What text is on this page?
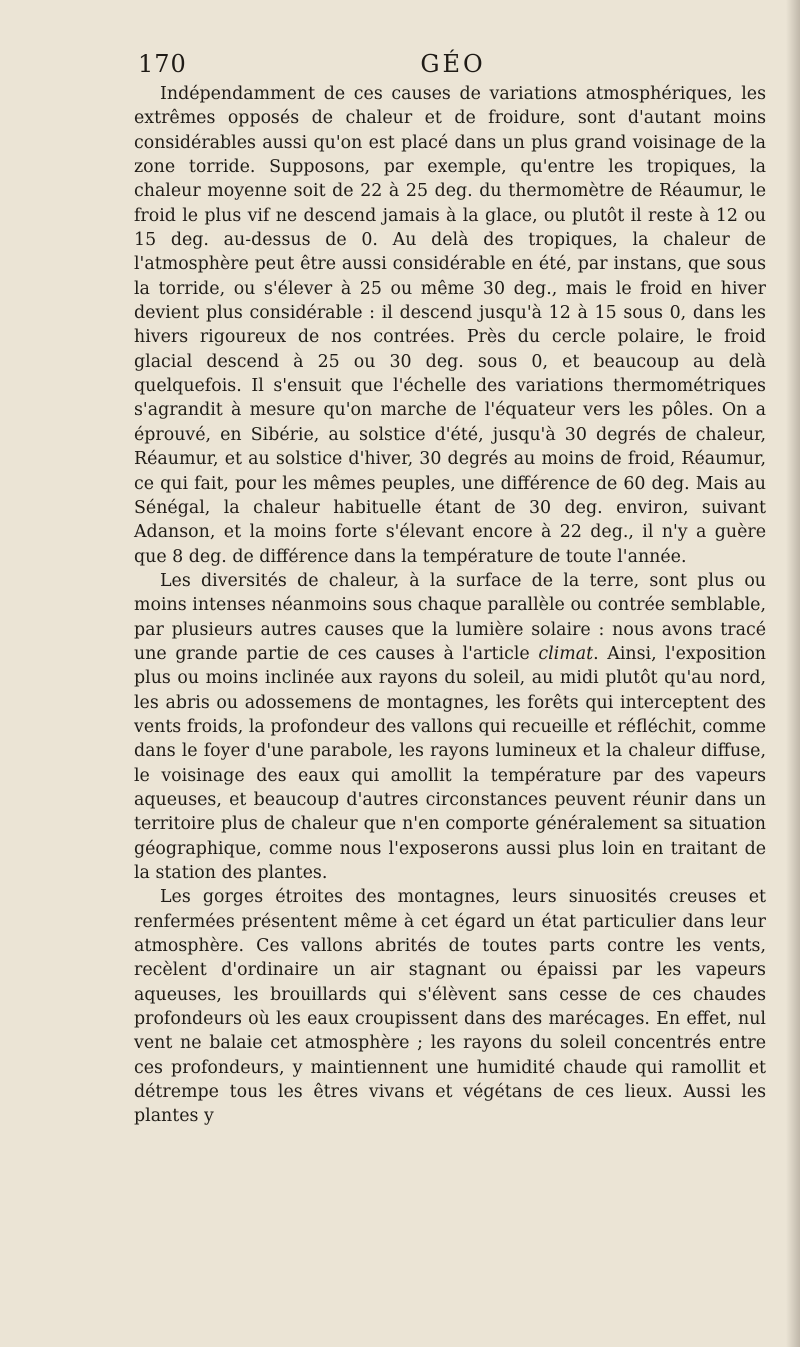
170	GÉO

Indépendamment de ces causes de variations atmosphériques, les extrêmes opposés de chaleur et de froidure, sont d'autant moins considérables aussi qu'on est placé dans un plus grand voisinage de la zone torride. Supposons, par exemple, qu'entre les tropiques, la chaleur moyenne soit de 22 à 25 deg. du thermomètre de Réaumur, le froid le plus vif ne descend jamais à la glace, ou plutôt il reste à 12 ou 15 deg. au-dessus de 0. Au delà des tropiques, la chaleur de l'atmosphère peut être aussi considérable en été, par instans, que sous la torride, ou s'élever à 25 ou même 30 deg., mais le froid en hiver devient plus considérable : il descend jusqu'à 12 à 15 sous 0, dans les hivers rigoureux de nos contrées. Près du cercle polaire, le froid glacial descend à 25 ou 30 deg. sous 0, et beaucoup au delà quelquefois. Il s'ensuit que l'échelle des variations thermométriques s'agrandit à mesure qu'on marche de l'équateur vers les pôles. On a éprouvé, en Sibérie, au solstice d'été, jusqu'à 30 degrés de chaleur, Réaumur, et au solstice d'hiver, 30 degrés au moins de froid, Réaumur, ce qui fait, pour les mêmes peuples, une différence de 60 deg. Mais au Sénégal, la chaleur habituelle étant de 30 deg. environ, suivant Adanson, et la moins forte s'élevant encore à 22 deg., il n'y a guère que 8 deg. de différence dans la température de toute l'année.

Les diversités de chaleur, à la surface de la terre, sont plus ou moins intenses néanmoins sous chaque parallèle ou contrée semblable, par plusieurs autres causes que la lumière solaire : nous avons tracé une grande partie de ces causes à l'article climat. Ainsi, l'exposition plus ou moins inclinée aux rayons du soleil, au midi plutôt qu'au nord, les abris ou adossemens de montagnes, les forêts qui interceptent des vents froids, la profondeur des vallons qui recueille et réfléchit, comme dans le foyer d'une parabole, les rayons lumineux et la chaleur diffuse, le voisinage des eaux qui amollit la température par des vapeurs aqueuses, et beaucoup d'autres circonstances peuvent réunir dans un territoire plus de chaleur que n'en comporte généralement sa situation géographique, comme nous l'exposerons aussi plus loin en traitant de la station des plantes.

Les gorges étroites des montagnes, leurs sinuosités creuses et renfermées présentent même à cet égard un état particulier dans leur atmosphère. Ces vallons abrités de toutes parts contre les vents, recèlent d'ordinaire un air stagnant ou épaissi par les vapeurs aqueuses, les brouillards qui s'élèvent sans cesse de ces chaudes profondeurs où les eaux croupissent dans des marécages. En effet, nul vent ne balaie cet atmosphère ; les rayons du soleil concentrés entre ces profondeurs, y maintiennent une humidité chaude qui ramollit et détrempe tous les êtres vivans et végétans de ces lieux. Aussi les plantes y
